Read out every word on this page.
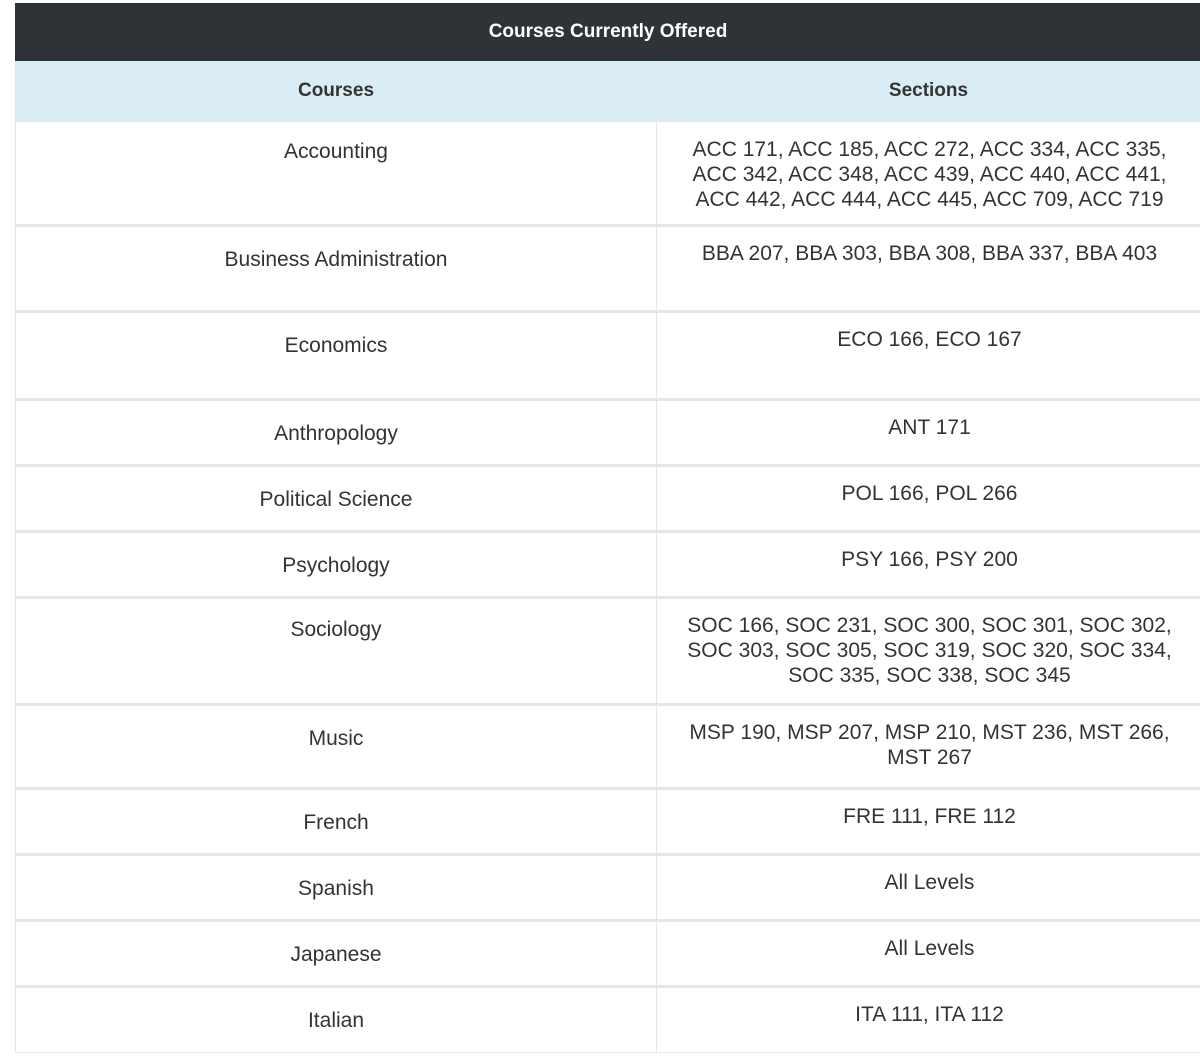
Courses Currently Offered	
Courses	Sections
Accounting	ACC 171, ACC 185, ACC 272, ACC 334, ACC 335, ACC 342, ACC 348, ACC 439, ACC 440, ACC 441, ACC 442, ACC 444, ACC 445, ACC 709, ACC 719
Business Administration	BBA 207, BBA 303, BBA 308, BBA 337, BBA 403
Economics	ECO 166, ECO 167
Anthropology	ANT 171
Political Science	POL 166, POL 266
Psychology	PSY 166, PSY 200
Sociology	SOC 166, SOC 231, SOC 300, SOC 301, SOC 302, SOC 303, SOC 305, SOC 319, SOC 320, SOC 334, SOC 335, SOC 338, SOC 345
Music	MSP 190, MSP 207, MSP 210, MST 236, MST 266, MST 267
French	FRE 111, FRE 112
Spanish	All Levels
Japanese	All Levels
Italian	ITA 111, ITA 112
